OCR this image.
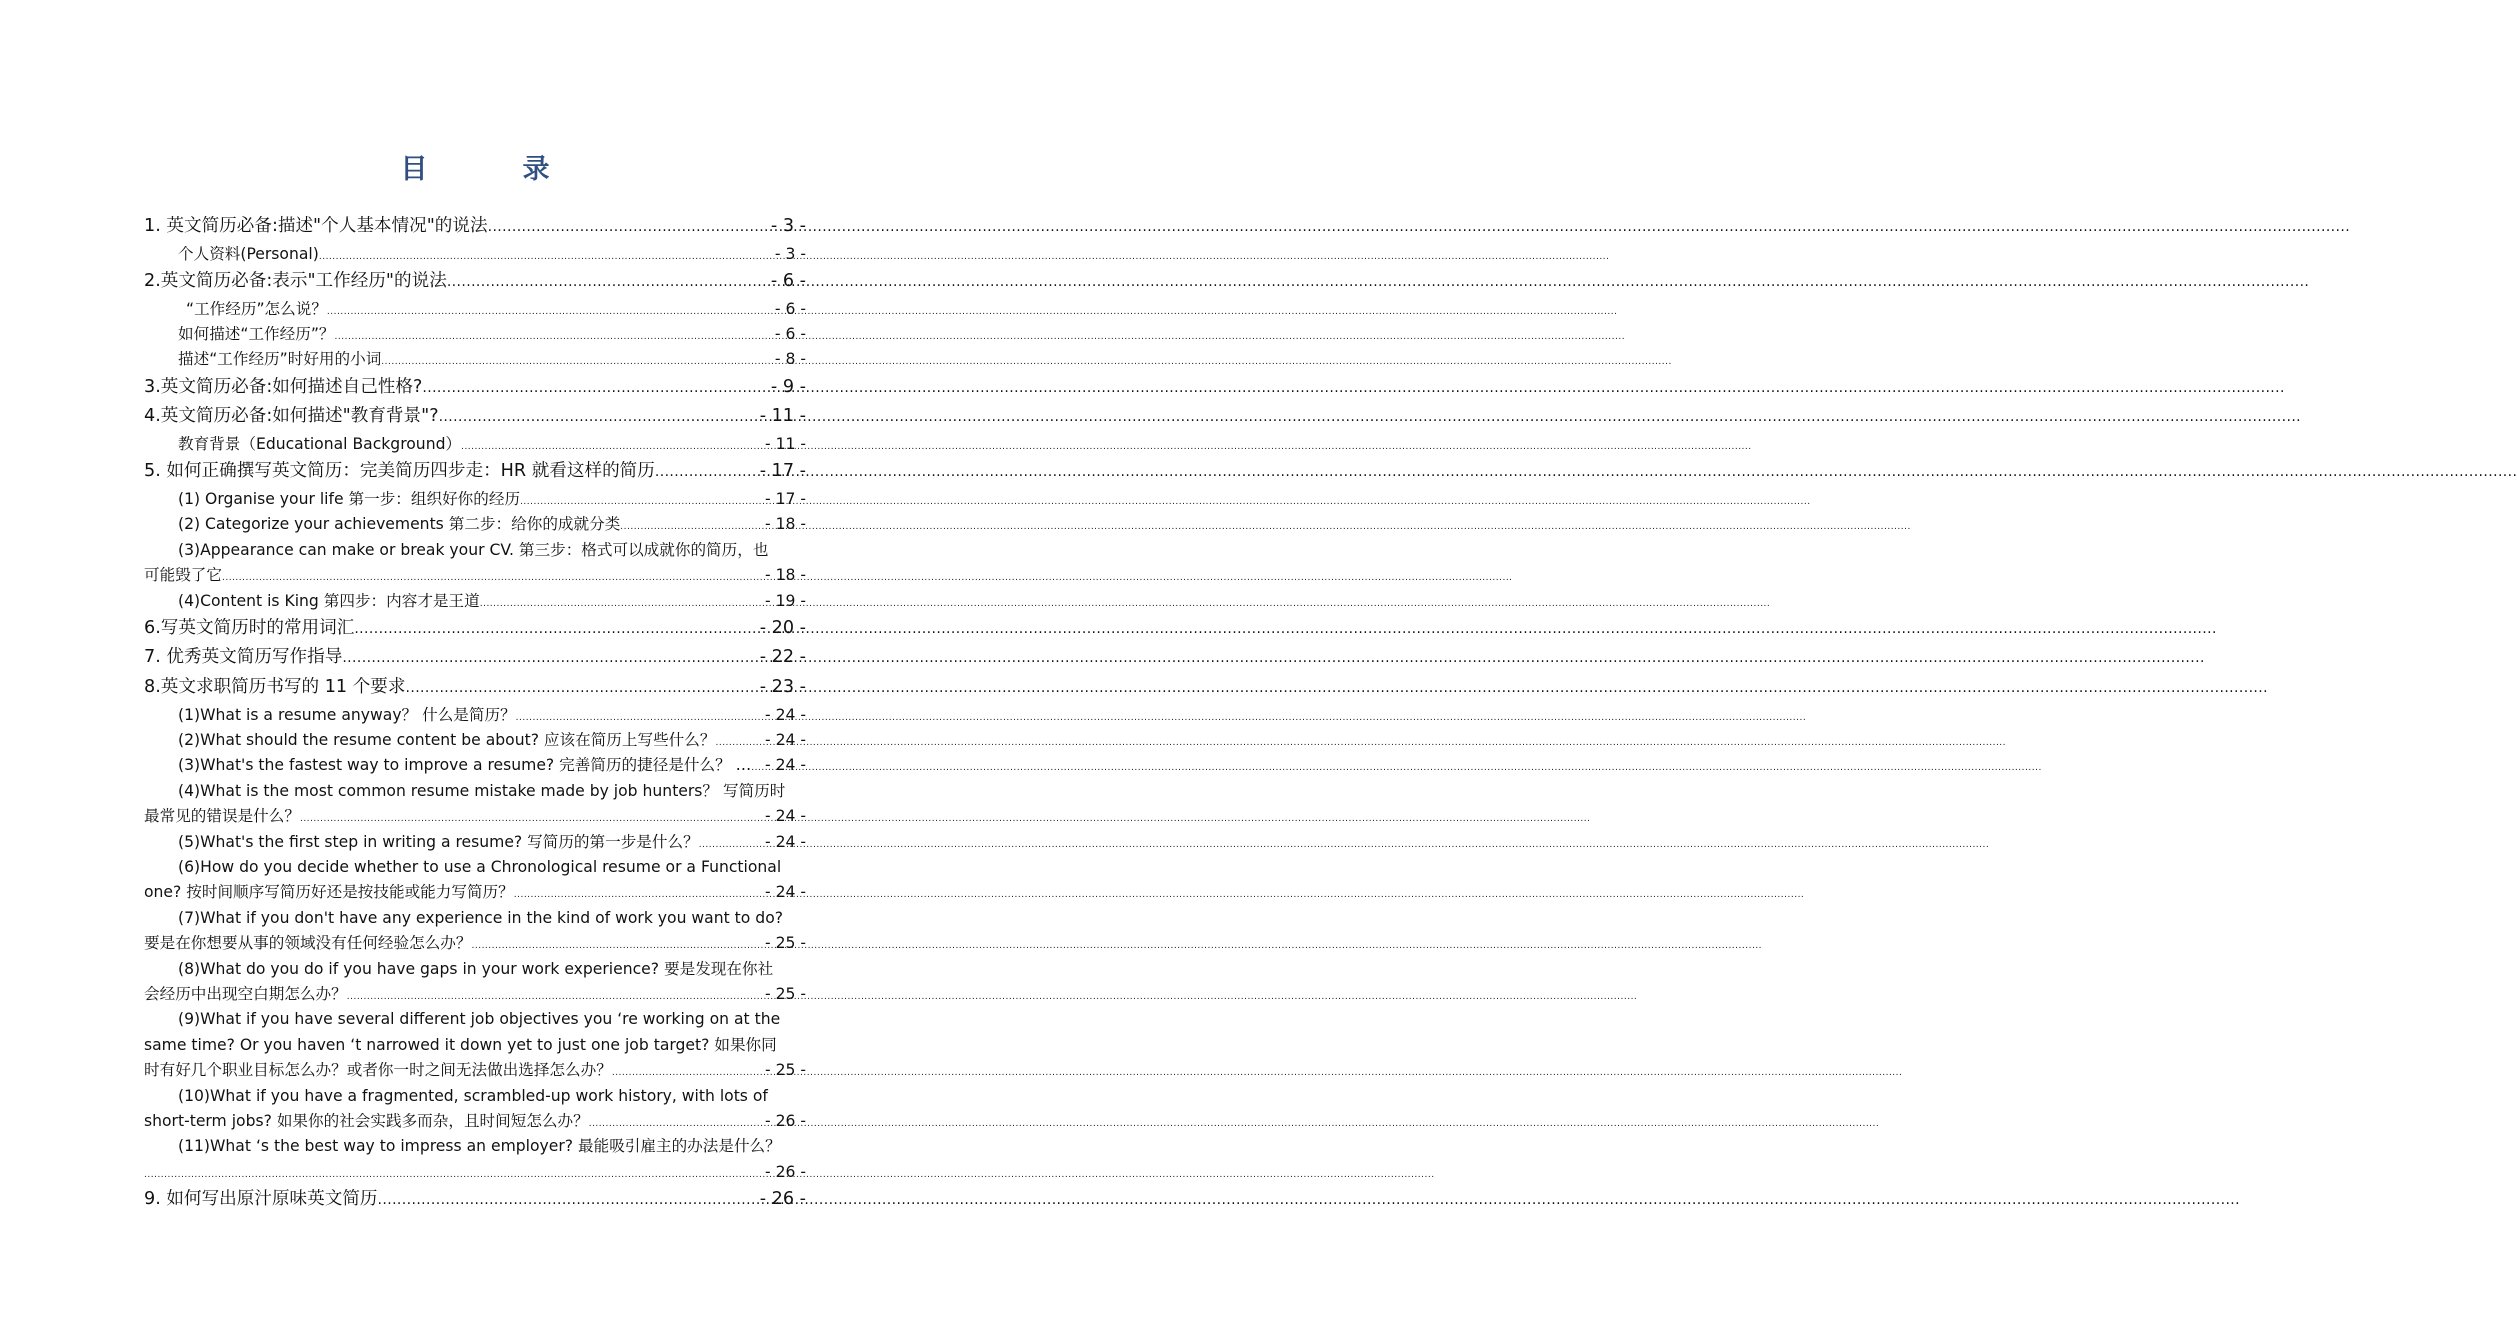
目　录
1. 英文简历必备:描述"个人基本情况"的说法 .....	- 3 -
个人资料(Personal) .....	- 3 -
2.英文简历必备:表示"工作经历"的说法 .....	- 6 -
“工作经历”怎么说？ .....	- 6 -
如何描述“工作经历”？ .....	- 6 -
描述“工作经历”时好用的小词 .....	- 8 -
3.英文简历必备:如何描述自己性格? .....	- 9 -
4.英文简历必备:如何描述"教育背景"? .....	- 11 -
教育背景（Educational Background） .....	- 11 -
5. 如何正确撰写英文简历：完美简历四步走：HR 就看这样的简历 .....	- 17 -
(1) Organise your life 第一步：组织好你的经历 .....	- 17 -
(2) Categorize your achievements 第二步：给你的成就分类 .....	- 18 -
(3)Appearance can make or break your CV. 第三步：格式可以成就你的简历，也
可能毁了它 .....	- 18 -
(4)Content is King 第四步：内容才是王道 .....	- 19 -
6.写英文简历时的常用词汇 .....	- 20 -
7. 优秀英文简历写作指导 .....	- 22 -
8.英文求职简历书写的 11 个要求 .....	- 23 -
(1)What is a resume anyway？ 什么是简历？ .....	- 24 -
(2)What should the resume content be about? 应该在简历上写些什么？ .....	- 24 -
(3)What's the fastest way to improve a resume? 完善简历的捷径是什么？ … ..... - 24 -
(4)What is the most common resume mistake made by job hunters？ 写简历时
最常见的错误是什么？ .....	- 24 -
(5)What's the first step in writing a resume? 写简历的第一步是什么？ .....	- 24 -
(6)How do you decide whether to use a Chronological resume or a Functional
one? 按时间顺序写简历好还是按技能或能力写简历？ .....	- 24 -
(7)What if you don't have any experience in the kind of work you want to do?
要是在你想要从事的领域没有任何经验怎么办？ .....	- 25 -
(8)What do you do if you have gaps in your work experience? 要是发现在你社
会经历中出现空白期怎么办？ .....	- 25 -
(9)What if you have several different job objectives you ‘re working on at the
same time? Or you haven ‘t narrowed it down yet to just one job target? 如果你同
时有好几个职业目标怎么办？或者你一时之间无法做出选择怎么办？ .....	- 25 -
(10)What if you have a fragmented, scrambled-up work history, with lots of
short-term jobs? 如果你的社会实践多而杂，且时间短怎么办？ .....	- 26 -
(11)What ‘s the best way to impress an employer? 最能吸引雇主的办法是什么？
.....
- 26 -
9. 如何写出原汁原味英文简历 .....	- 26 -
